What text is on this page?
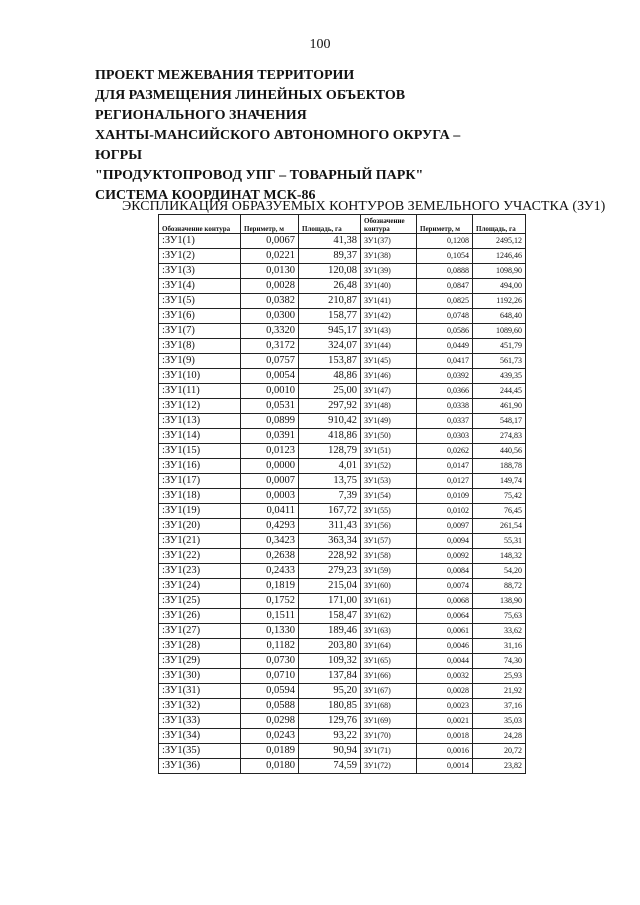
100
ПРОЕКТ МЕЖЕВАНИЯ ТЕРРИТОРИИ
ДЛЯ РАЗМЕЩЕНИЯ ЛИНЕЙНЫХ ОБЪЕКТОВ
РЕГИОНАЛЬНОГО ЗНАЧЕНИЯ
ХАНТЫ-МАНСИЙСКОГО АВТОНОМНОГО ОКРУГА –
ЮГРЫ
"ПРОДУКТОПРОВОД УПГ – ТОВАРНЫЙ ПАРК"
СИСТЕМА КООРДИНАТ МСК-86
ЭКСПЛИКАЦИЯ ОБРАЗУЕМЫХ КОНТУРОВ ЗЕМЕЛЬНОГО УЧАСТКА (ЗУ1)
Обозначение контура	Периметр, м	Площадь, га	Обозначение контура	Периметр, м	Площадь, га
:ЗУ1(1)	0,0067	41,38	ЗУ1(37)	0,1208	2495,12
:ЗУ1(2)	0,0221	89,37	ЗУ1(38)	0,1054	1246,46
:ЗУ1(3)	0,0130	120,08	ЗУ1(39)	0,0888	1098,90
:ЗУ1(4)	0,0028	26,48	ЗУ1(40)	0,0847	494,00
:ЗУ1(5)	0,0382	210,87	ЗУ1(41)	0,0825	1192,26
:ЗУ1(6)	0,0300	158,77	ЗУ1(42)	0,0748	648,40
:ЗУ1(7)	0,3320	945,17	ЗУ1(43)	0,0586	1089,60
:ЗУ1(8)	0,3172	324,07	ЗУ1(44)	0,0449	451,79
:ЗУ1(9)	0,0757	153,87	ЗУ1(45)	0,0417	561,73
:ЗУ1(10)	0,0054	48,86	ЗУ1(46)	0,0392	439,35
:ЗУ1(11)	0,0010	25,00	ЗУ1(47)	0,0366	244,45
:ЗУ1(12)	0,0531	297,92	ЗУ1(48)	0,0338	461,90
:ЗУ1(13)	0,0899	910,42	ЗУ1(49)	0,0337	548,17
:ЗУ1(14)	0,0391	418,86	ЗУ1(50)	0,0303	274,83
:ЗУ1(15)	0,0123	128,79	ЗУ1(51)	0,0262	440,56
:ЗУ1(16)	0,0000	4,01	ЗУ1(52)	0,0147	188,78
:ЗУ1(17)	0,0007	13,75	ЗУ1(53)	0,0127	149,74
:ЗУ1(18)	0,0003	7,39	ЗУ1(54)	0,0109	75,42
:ЗУ1(19)	0,0411	167,72	ЗУ1(55)	0,0102	76,45
:ЗУ1(20)	0,4293	311,43	ЗУ1(56)	0,0097	261,54
:ЗУ1(21)	0,3423	363,34	ЗУ1(57)	0,0094	55,31
:ЗУ1(22)	0,2638	228,92	ЗУ1(58)	0,0092	148,32
:ЗУ1(23)	0,2433	279,23	ЗУ1(59)	0,0084	54,20
:ЗУ1(24)	0,1819	215,04	ЗУ1(60)	0,0074	88,72
:ЗУ1(25)	0,1752	171,00	ЗУ1(61)	0,0068	138,90
:ЗУ1(26)	0,1511	158,47	ЗУ1(62)	0,0064	75,63
:ЗУ1(27)	0,1330	189,46	ЗУ1(63)	0,0061	33,62
:ЗУ1(28)	0,1182	203,80	ЗУ1(64)	0,0046	31,16
:ЗУ1(29)	0,0730	109,32	ЗУ1(65)	0,0044	74,30
:ЗУ1(30)	0,0710	137,84	ЗУ1(66)	0,0032	25,93
:ЗУ1(31)	0,0594	95,20	ЗУ1(67)	0,0028	21,92
:ЗУ1(32)	0,0588	180,85	ЗУ1(68)	0,0023	37,16
:ЗУ1(33)	0,0298	129,76	ЗУ1(69)	0,0021	35,03
:ЗУ1(34)	0,0243	93,22	ЗУ1(70)	0,0018	24,28
:ЗУ1(35)	0,0189	90,94	ЗУ1(71)	0,0016	20,72
:ЗУ1(36)	0,0180	74,59	ЗУ1(72)	0,0014	23,82
